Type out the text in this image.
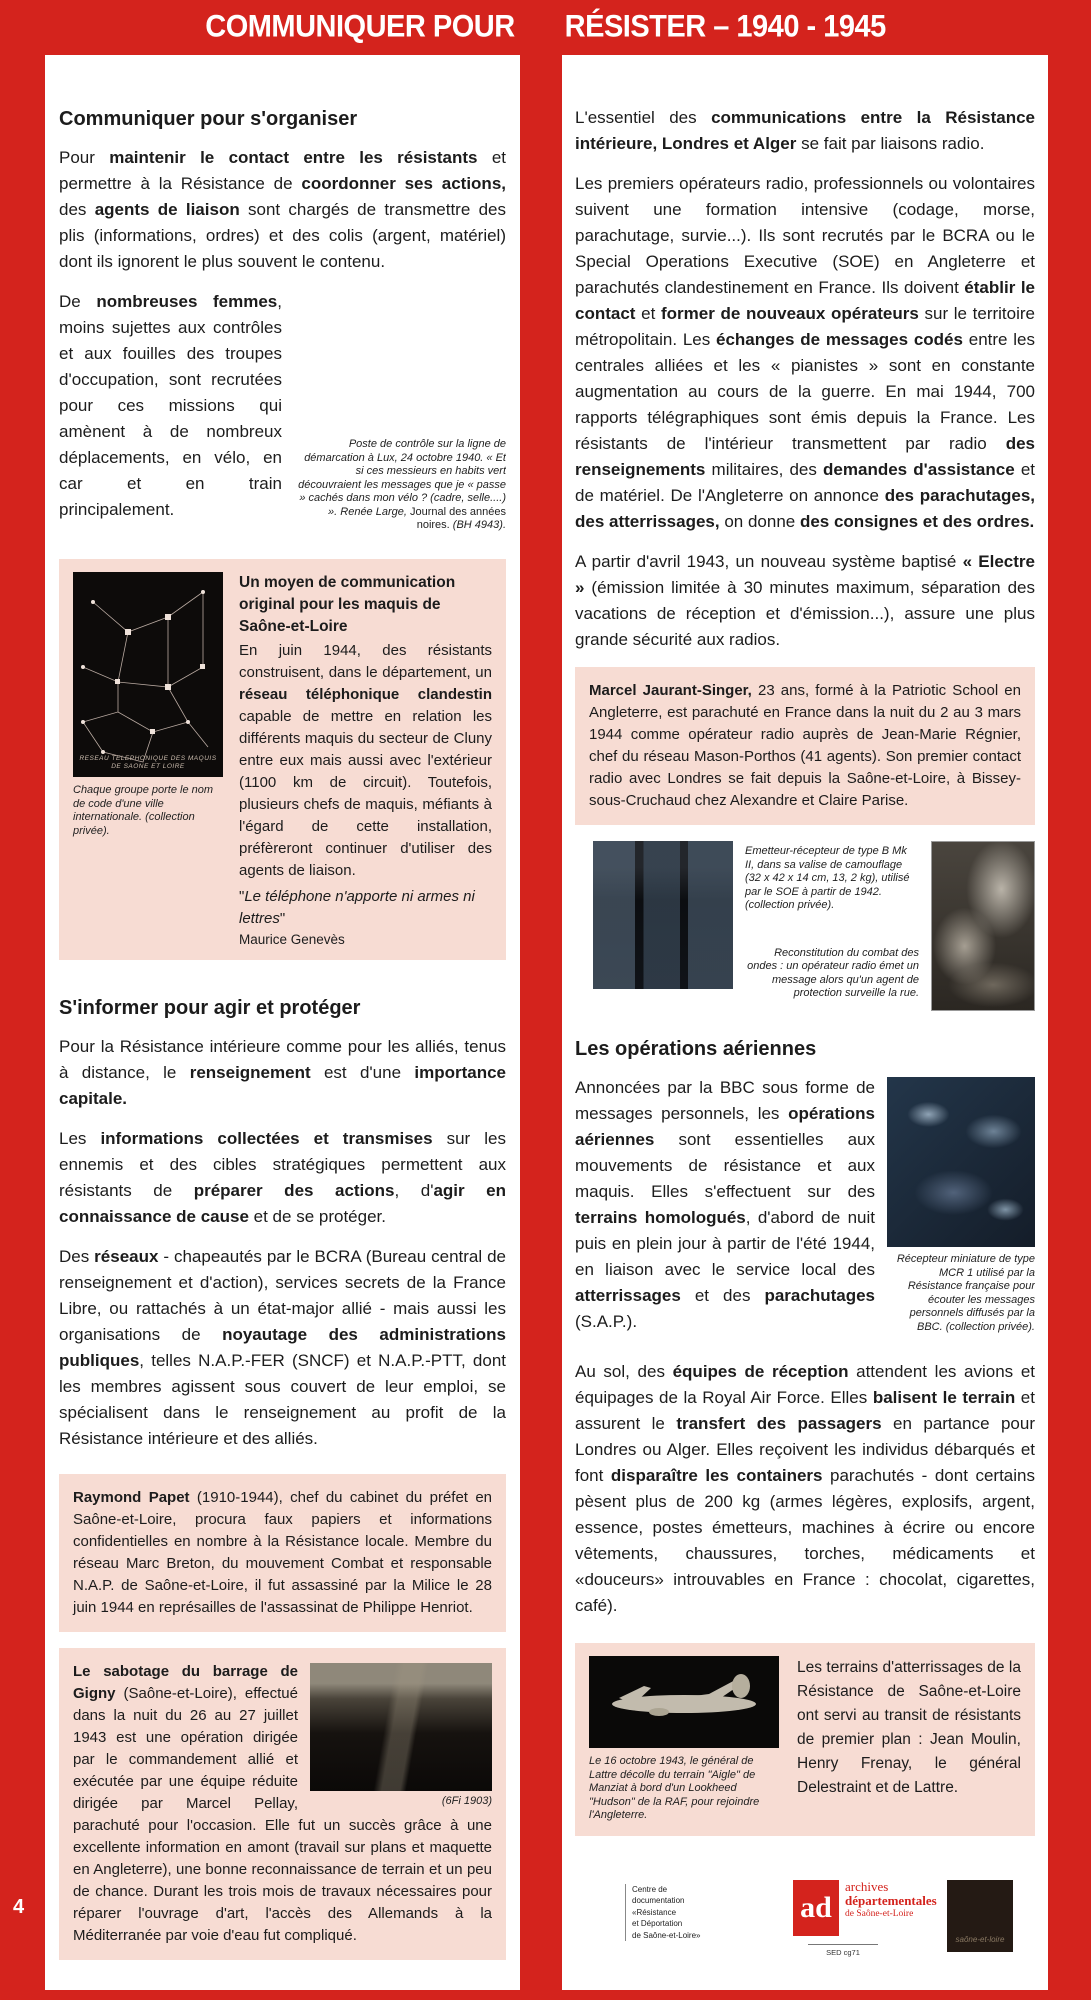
COMMUNIQUER POUR RÉSISTER – 1940 - 1945
Communiquer pour s'organiser

Pour maintenir le contact entre les résistants et permettre à la Résistance de coordonner ses actions, des agents de liaison sont chargés de transmettre des plis (informations, ordres) et des colis (argent, matériel) dont ils ignorent le plus souvent le contenu.

Poste de contrôle sur la ligne de démarcation à Lux, 24 octobre 1940. « Et si ces messieurs en habits vert découvraient les messages que je « passe » cachés dans mon vélo ? (cadre, selle....) ». Renée Large, Journal des années noires. (BH 4943).

De nombreuses femmes, moins sujettes aux contrôles et aux fouilles des troupes d'occupation, sont recrutées pour ces missions qui amènent à de nombreux déplacements, en vélo, en car et en train principalement.

RESEAU TELEPHONIQUE DES MAQUIS DE SAONE ET LOIRE
Chaque groupe porte le nom de code d'une ville internationale. (collection privée).
Un moyen de communication original pour les maquis de Saône-et-Loire
En juin 1944, des résistants construisent, dans le département, un réseau téléphonique clandestin capable de mettre en relation les différents maquis du secteur de Cluny entre eux mais aussi avec l'extérieur (1100 km de circuit). Toutefois, plusieurs chefs de maquis, méfiants à l'égard de cette installation, préfèreront continuer d'utiliser des agents de liaison.
"Le téléphone n'apporte ni armes ni lettres"
Maurice Genevès
S'informer pour agir et protéger

Pour la Résistance intérieure comme pour les alliés, tenus à distance, le renseignement est d'une importance capitale.

Les informations collectées et transmises sur les ennemis et des cibles stratégiques permettent aux résistants de préparer des actions, d'agir en connaissance de cause et de se protéger.

Des réseaux - chapeautés par le BCRA (Bureau central de renseignement et d'action), services secrets de la France Libre, ou rattachés à un état-major allié - mais aussi les organisations de noyautage des administrations publiques, telles N.A.P.-FER (SNCF) et N.A.P.-PTT, dont les membres agissent sous couvert de leur emploi, se spécialisent dans le renseignement au profit de la Résistance intérieure et des alliés.

Raymond Papet (1910-1944), chef du cabinet du préfet en Saône-et-Loire, procura faux papiers et informations confidentielles en nombre à la Résistance locale. Membre du réseau Marc Breton, du mouvement Combat et responsable N.A.P. de Saône-et-Loire, il fut assassiné par la Milice le 28 juin 1944 en représailles de l'assassinat de Philippe Henriot.
(6Fi 1903)
Le sabotage du barrage de Gigny (Saône-et-Loire), effectué dans la nuit du 26 au 27 juillet 1943 est une opération dirigée par le commandement allié et exécutée par une équipe réduite dirigée par Marcel Pellay, parachuté pour l'occasion. Elle fut un succès grâce à une excellente information en amont (travail sur plans et maquette en Angleterre), une bonne reconnaissance de terrain et un peu de chance. Durant les trois mois de travaux nécessaires pour réparer l'ouvrage d'art, l'accès des Allemands à la Méditerranée par voie d'eau fut compliqué.

L'essentiel des communications entre la Résistance intérieure, Londres et Alger se fait par liaisons radio.

Les premiers opérateurs radio, professionnels ou volontaires suivent une formation intensive (codage, morse, parachutage, survie...). Ils sont recrutés par le BCRA ou le Special Operations Executive (SOE) en Angleterre et parachutés clandestinement en France. Ils doivent établir le contact et former de nouveaux opérateurs sur le territoire métropolitain. Les échanges de messages codés entre les centrales alliées et les « pianistes » sont en constante augmentation au cours de la guerre. En mai 1944, 700 rapports télégraphiques sont émis depuis la France. Les résistants de l'intérieur transmettent par radio des renseignements militaires, des demandes d'assistance et de matériel. De l'Angleterre on annonce des parachutages, des atterrissages, on donne des consignes et des ordres.

A partir d'avril 1943, un nouveau système baptisé « Electre » (émission limitée à 30 minutes maximum, séparation des vacations de réception et d'émission...), assure une plus grande sécurité aux radios.

Marcel Jaurant-Singer, 23 ans, formé à la Patriotic School en Angleterre, est parachuté en France dans la nuit du 2 au 3 mars 1944 comme opérateur radio auprès de Jean-Marie Régnier, chef du réseau Mason-Porthos (41 agents). Son premier contact radio avec Londres se fait depuis la Saône-et-Loire, à Bissey-sous-Cruchaud chez Alexandre et Claire Parise.
Emetteur-récepteur de type B Mk II, dans sa valise de camouflage (32 x 42 x 14 cm, 13, 2 kg), utilisé par le SOE à partir de 1942. (collection privée).
Reconstitution du combat des ondes : un opérateur radio émet un message alors qu'un agent de protection surveille la rue.
Les opérations aériennes
Récepteur miniature de type MCR 1 utilisé par la Résistance française pour écouter les messages personnels diffusés par la BBC. (collection privée).

Annoncées par la BBC sous forme de messages personnels, les opérations aériennes sont essentielles aux mouvements de résistance et aux maquis. Elles s'effectuent sur des terrains homologués, d'abord de nuit puis en plein jour à partir de l'été 1944, en liaison avec le service local des atterrissages et des parachutages (S.A.P.).

Au sol, des équipes de réception attendent les avions et équipages de la Royal Air Force. Elles balisent le terrain et assurent le transfert des passagers en partance pour Londres ou Alger. Elles reçoivent les individus débarqués et font disparaître les containers parachutés - dont certains pèsent plus de 200 kg (armes légères, explosifs, argent, essence, postes émetteurs, machines à écrire ou encore vêtements, chaussures, torches, médicaments et «douceurs» introuvables en France : chocolat, cigarettes, café).

Le 16 octobre 1943, le général de Lattre décolle du terrain "Aigle" de Manziat à bord d'un Lookheed "Hudson" de la RAF, pour rejoindre l'Angleterre.
Les terrains d'atterrissages de la Résistance de Saône-et-Loire ont servi au transit de résistants de premier plan : Jean Moulin, Henry Frenay, le général Delestraint et de Lattre.
Centre de
documentation
«Résistance
et Déportation
de Saône-et-Loire»
ad
archives
départementales
de Saône-et-Loire
SED cg71
saône-et-loire
4
